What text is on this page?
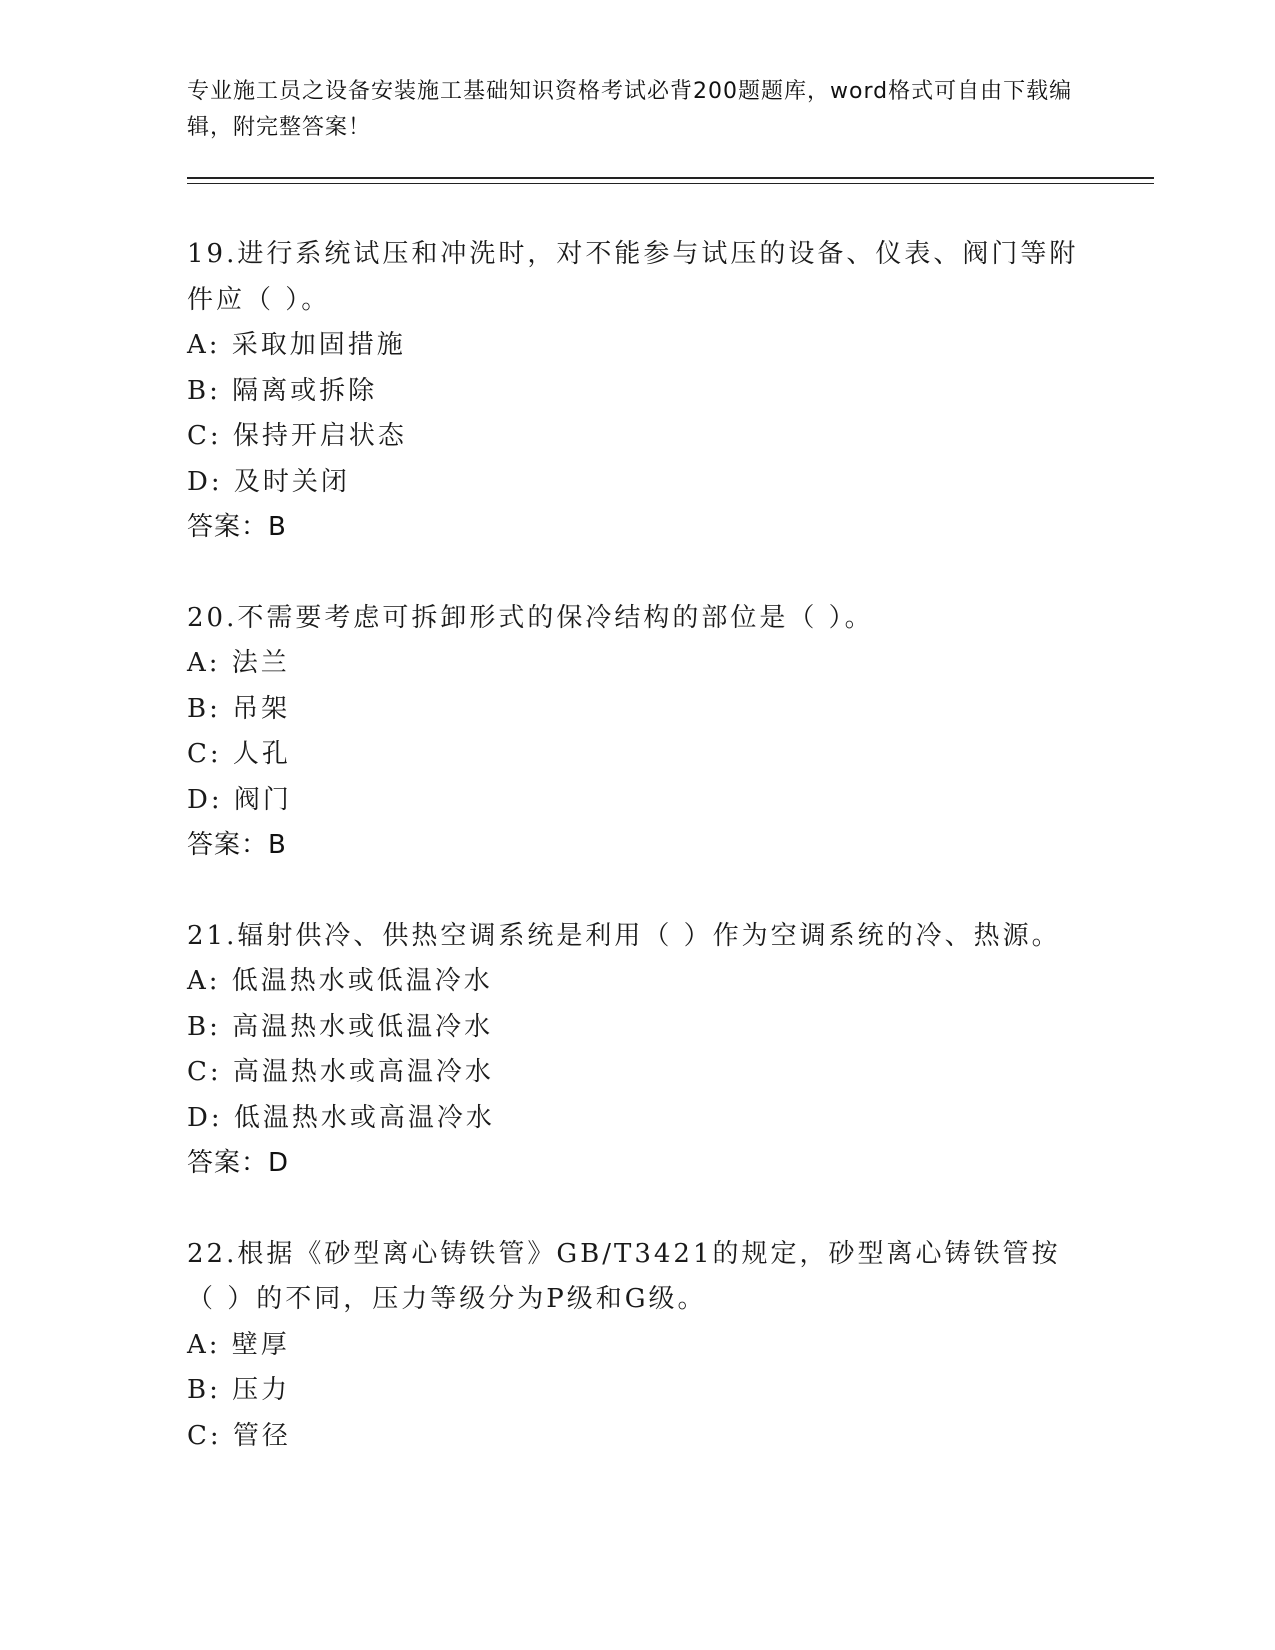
专业施工员之设备安装施工基础知识资格考试必背200题题库，word格式可自由下载编辑，附完整答案！
19.进行系统试压和冲洗时，对不能参与试压的设备、仪表、阀门等附件应（ ）。
A: 采取加固措施
B: 隔离或拆除
C: 保持开启状态
D: 及时关闭
答案：B
20.不需要考虑可拆卸形式的保冷结构的部位是（ ）。
A: 法兰
B: 吊架
C: 人孔
D: 阀门
答案：B
21.辐射供冷、供热空调系统是利用（ ）作为空调系统的冷、热源。
A: 低温热水或低温冷水
B: 高温热水或低温冷水
C: 高温热水或高温冷水
D: 低温热水或高温冷水
答案：D
22.根据《砂型离心铸铁管》GB/T3421的规定，砂型离心铸铁管按（ ）的不同，压力等级分为P级和G级。
A: 壁厚
B: 压力
C: 管径
